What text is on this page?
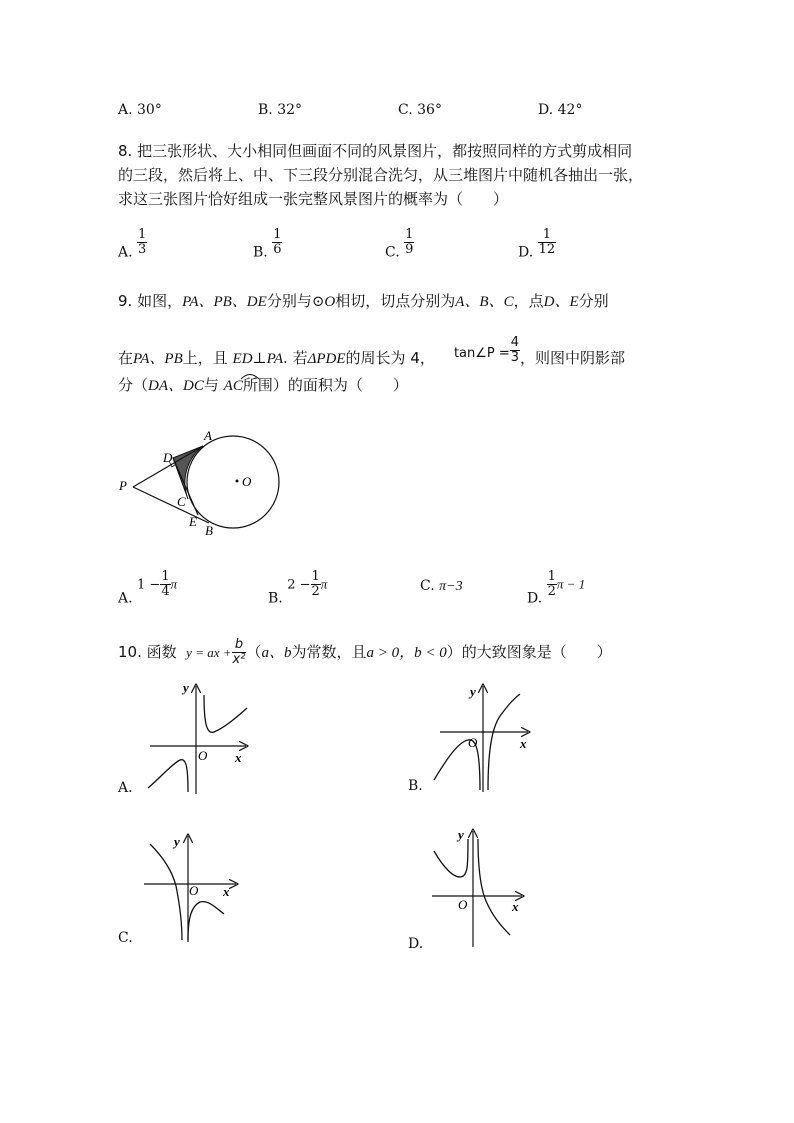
A. 30°	B. 32°	C. 36°	D. 42°
8. 把三张形状、大小相同但画面不同的风景图片，都按照同样的方式剪成相同
的三段，然后将上、中、下三段分别混合洗匀，从三堆图片中随机各抽出一张，
求这三张图片恰好组成一张完整风景图片的概率为（　　）
A. $\frac{1}{3}$	B. $\frac{1}{6}$	C. $\frac{1}{9}$	D. $\frac{1}{12}$
9. 如图，PA、PB、DE分别与⊙O相切，切点分别为A、B、C，点D、E分别
在PA、PB上，且 ED⊥PA. 若ΔPDE的周长为 4， tan∠P = $\frac{4}{3}$ ，则图中阴影部
分（DA、DC与 AC所围）的面积为（　　）
A
D
O
P
C
E
B
A. $1 - \frac{1}{4}$ π
B. $2 - \frac{1}{2}$ π	C. π−3
D. $\frac{1}{2}$ π − 1
10. 函数 y = ax + $\frac{b}{\text{x²}} (a$、b为常数，且a > 0，b < 0）的大致图象是（　　）
y
O x
A.
y
O	x
B.
y
O x
C.
y
O	x
D.
